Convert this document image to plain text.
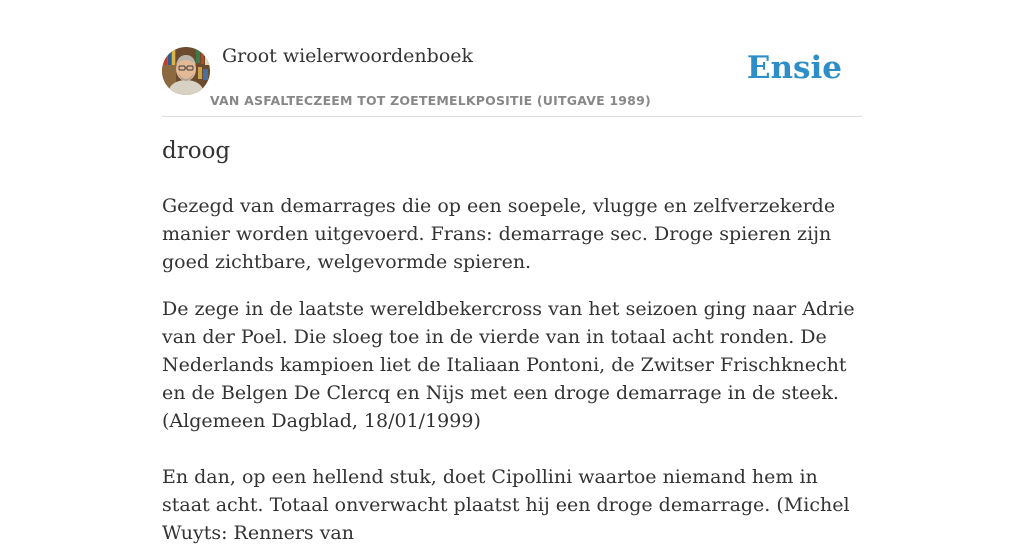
Groot wielerwoordenboek
VAN ASFALTECZEEM TOT ZOETEMELKPOSITIE (UITGAVE 1989)
Ensie
droog

Gezegd van demarrages die op een soepele, vlugge en zelfverzekerde manier worden uitgevoerd. Frans: demarrage sec. Droge spieren zijn goed zichtbare, welgevormde spieren.

De zege in de laatste wereldbekercross van het seizoen ging naar Adrie van der Poel. Die sloeg toe in de vierde van in totaal acht ronden. De Nederlands kampioen liet de Italiaan Pontoni, de Zwitser Frischknecht en de Belgen De Clercq en Nijs met een droge demarrage in de steek. (Algemeen Dagblad, 18/01/1999)

En dan, op een hellend stuk, doet Cipollini waartoe niemand hem in staat acht. Totaal onverwacht plaatst hij een droge demarrage. (Michel Wuyts: Renners van
